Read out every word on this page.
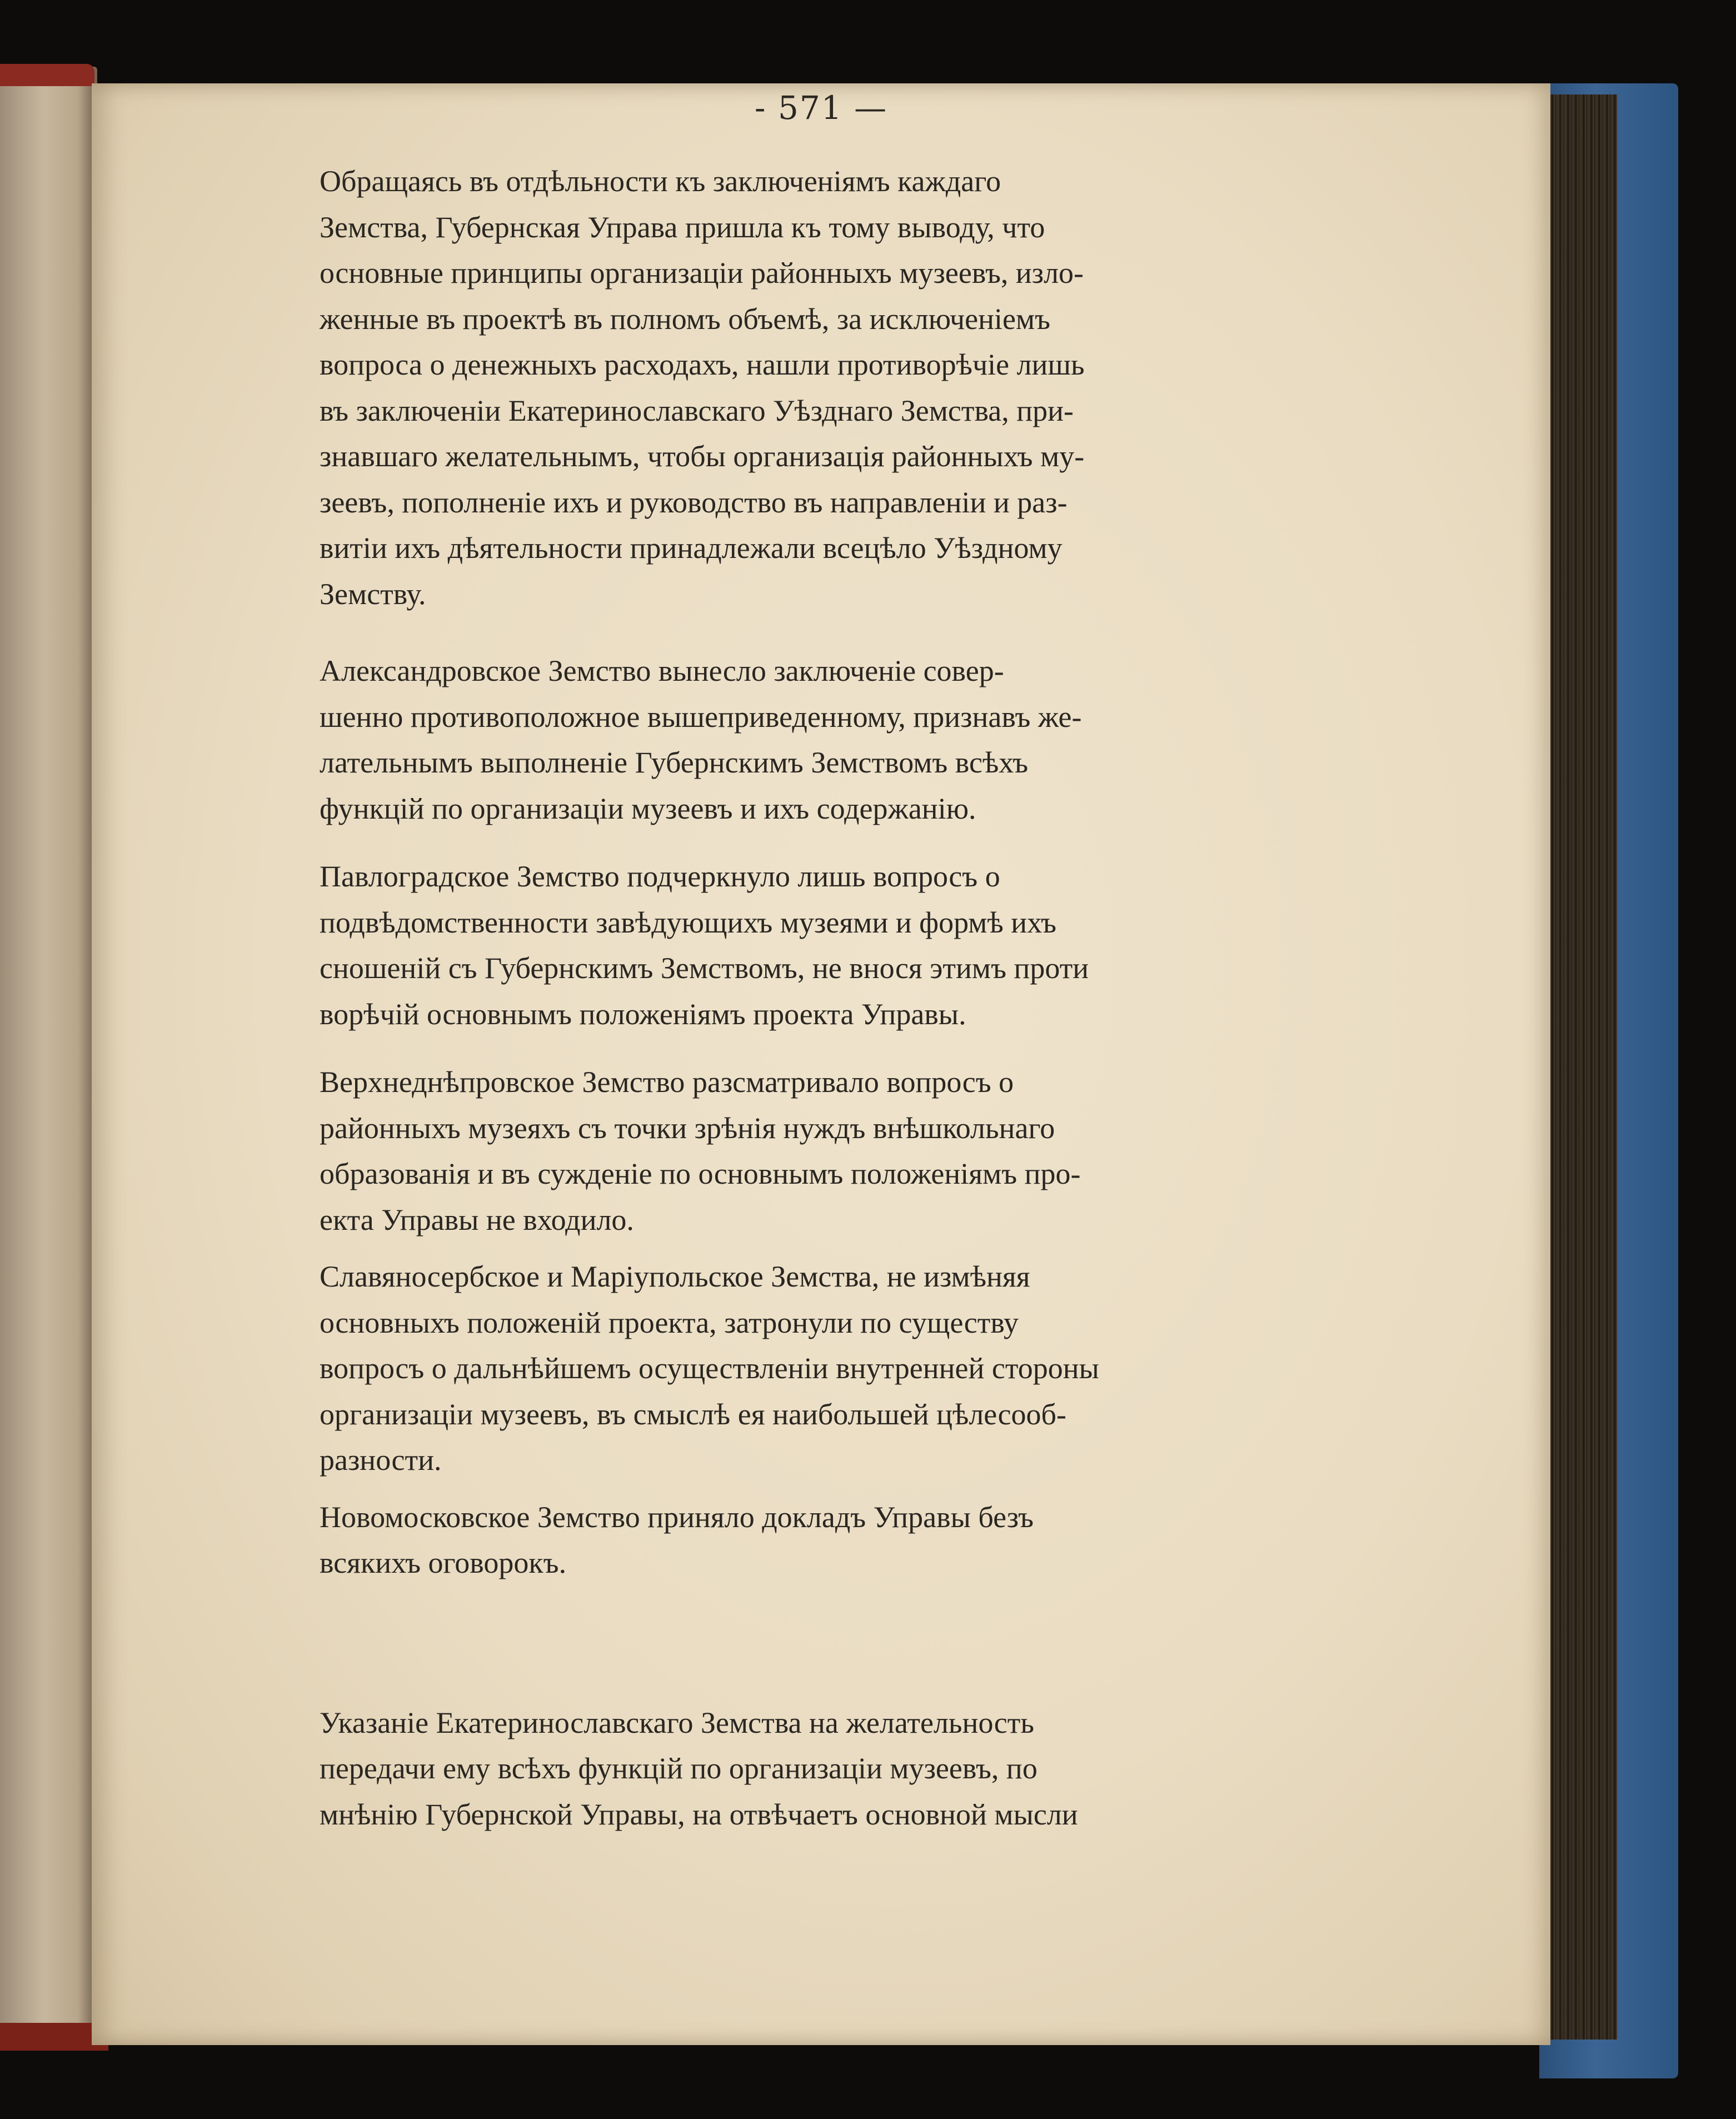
- 571 —

Обращаясь въ отдѣльности къ заключеніямъ каждаго
Земства, Губернская Управа пришла къ тому выводу, что
основные принципы организаціи районныхъ музеевъ, изло-
женные въ проектѣ въ полномъ объемѣ, за исключеніемъ
вопроса о денежныхъ расходахъ, нашли противорѣчіе лишь
въ заключеніи Екатеринославскаго Уѣзднаго Земства, при-
знавшаго желательнымъ, чтобы организація районныхъ му-
зеевъ, пополненіе ихъ и руководство въ направленіи и раз-
витіи ихъ дѣятельности принадлежали всецѣло Уѣздному
Земству.

Александровское Земство вынесло заключеніе совер-
шенно противоположное вышеприведенному, признавъ же-
лательнымъ выполненіе Губернскимъ Земствомъ всѣхъ
функцій по организаціи музеевъ и ихъ содержанію.

Павлоградское Земство подчеркнуло лишь вопросъ о
подвѣдомственности завѣдующихъ музеями и формѣ ихъ
сношеній съ Губернскимъ Земствомъ, не внося этимъ проти
ворѣчій основнымъ положеніямъ проекта Управы.

Верхнеднѣпровское Земство разсматривало вопросъ о
районныхъ музеяхъ съ точки зрѣнія нуждъ внѣшкольнаго
образованія и въ сужденіе по основнымъ положеніямъ про-
екта Управы не входило.

Славяносербское и Маріупольское Земства, не измѣняя
основныхъ положеній проекта, затронули по существу
вопросъ о дальнѣйшемъ осуществленіи внутренней стороны
организаціи музеевъ, въ смыслѣ ея наибольшей цѣлесооб-
разности.

Новомосковское Земство приняло докладъ Управы безъ
всякихъ оговорокъ.

Указаніе Екатеринославскаго Земства на желательность
передачи ему всѣхъ функцій по организаціи музеевъ, по
мнѣнію Губернской Управы, на отвѣчаетъ основной мысли
